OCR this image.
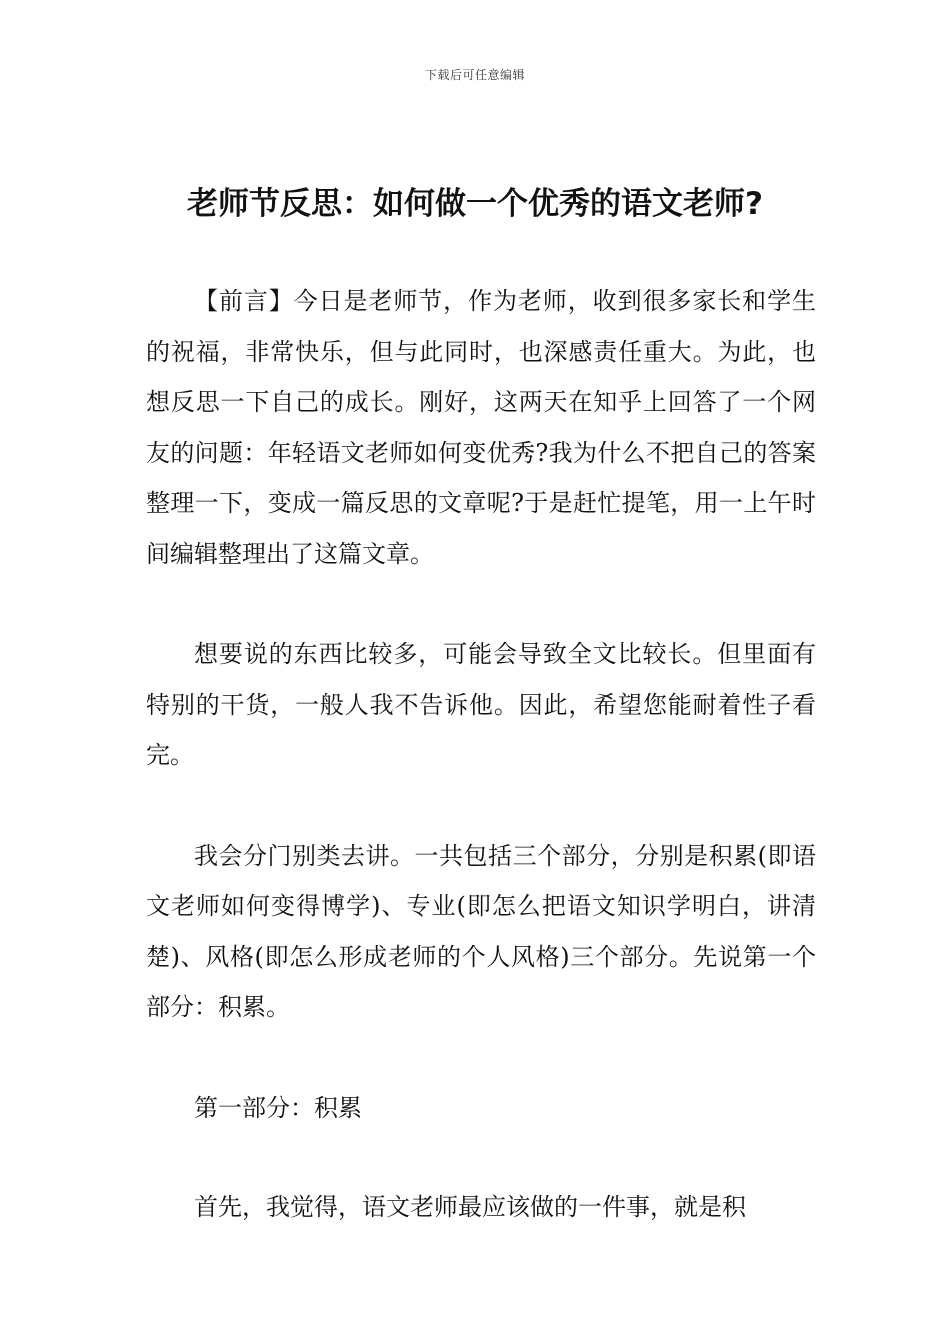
下载后可任意编辑
老师节反思：如何做一个优秀的语文老师?

【前言】今日是老师节，作为老师，收到很多家长和学生的祝福，非常快乐，但与此同时，也深感责任重大。为此，也想反思一下自己的成长。刚好，这两天在知乎上回答了一个网友的问题：年轻语文老师如何变优秀?我为什么不把自己的答案整理一下，变成一篇反思的文章呢?于是赶忙提笔，用一上午时间编辑整理出了这篇文章。

想要说的东西比较多，可能会导致全文比较长。但里面有特别的干货，一般人我不告诉他。因此，希望您能耐着性子看完。

我会分门别类去讲。一共包括三个部分，分别是积累(即语文老师如何变得博学)、专业(即怎么把语文知识学明白，讲清楚)、风格(即怎么形成老师的个人风格)三个部分。先说第一个部分：积累。

第一部分：积累

首先，我觉得，语文老师最应该做的一件事，就是积
